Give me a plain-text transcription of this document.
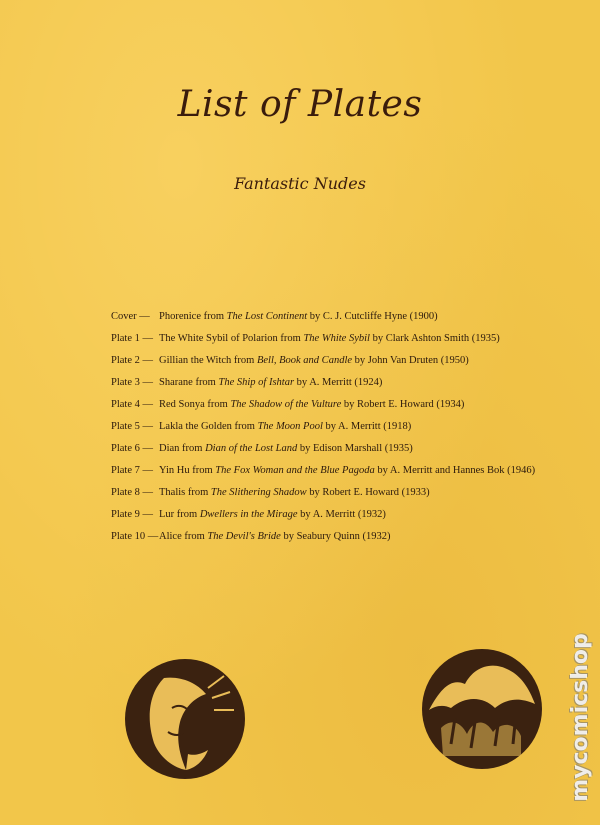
List of Plates
Fantastic Nudes
Cover — Phorenice from The Lost Continent by C. J. Cutcliffe Hyne (1900)
Plate 1 — The White Sybil of Polarion from The White Sybil by Clark Ashton Smith (1935)
Plate 2 — Gillian the Witch from Bell, Book and Candle by John Van Druten (1950)
Plate 3 — Sharane from The Ship of Ishtar by A. Merritt (1924)
Plate 4 — Red Sonya from The Shadow of the Vulture by Robert E. Howard (1934)
Plate 5 — Lakla the Golden from The Moon Pool by A. Merritt (1918)
Plate 6 — Dian from Dian of the Lost Land by Edison Marshall (1935)
Plate 7 — Yin Hu from The Fox Woman and the Blue Pagoda by A. Merritt and Hannes Bok (1946)
Plate 8 — Thalis from The Slithering Shadow by Robert E. Howard (1933)
Plate 9 — Lur from Dwellers in the Mirage by A. Merritt (1932)
Plate 10 — Alice from The Devil's Bride by Seabury Quinn (1932)
mycomicshop
